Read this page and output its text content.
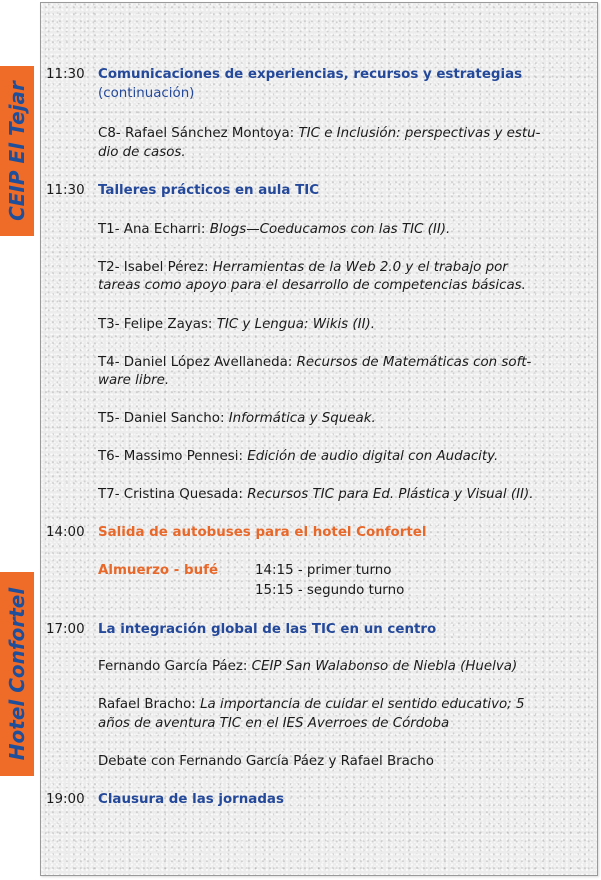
CEIP El Tejar
Hotel Confortel
11:30 Comunicaciones de experiencias, recursos y estrategias
(continuación)
C8- Rafael Sánchez Montoya: TIC e Inclusión: perspectivas y estu-
dio de casos.
11:30 Talleres prácticos en aula TIC
T1- Ana Echarri: Blogs—Coeducamos con las TIC (II).
T2- Isabel Pérez: Herramientas de la Web 2.0 y el trabajo por
tareas como apoyo para el desarrollo de competencias básicas.
T3- Felipe Zayas: TIC y Lengua: Wikis (II).
T4- Daniel López Avellaneda: Recursos de Matemáticas con soft-
ware libre.
T5- Daniel Sancho: Informática y Squeak.
T6- Massimo Pennesi: Edición de audio digital con Audacity.
T7- Cristina Quesada: Recursos TIC para Ed. Plástica y Visual (II).
14:00 Salida de autobuses para el hotel Confortel
Almuerzo - bufé	14:15 - primer turno
15:15 - segundo turno
17:00 La integración global de las TIC en un centro
Fernando García Páez: CEIP San Walabonso de Niebla (Huelva)
Rafael Bracho: La importancia de cuidar el sentido educativo; 5
años de aventura TIC en el IES Averroes de Córdoba
Debate con Fernando García Páez y Rafael Bracho
19:00 Clausura de las jornadas
